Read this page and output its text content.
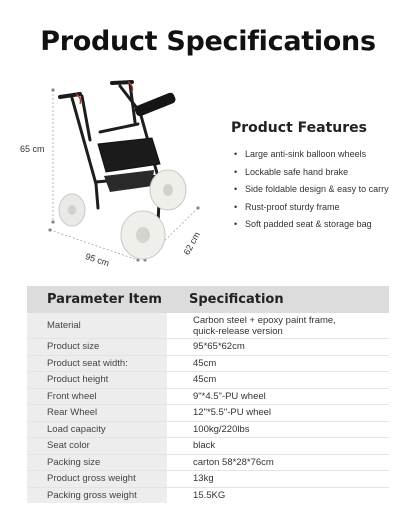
Product Specifications
65 cm
95 cm
62 cm
Product Features
• Large anti-sink balloon wheels
• Lockable safe hand brake
• Side foldable design & easy to carry
• Rust-proof sturdy frame
• Soft padded seat & storage bag
Parameter Item	Specification
Material	Carbon steel + epoxy paint frame,
quick-release version
Product size	95*65*62cm
Product seat width:	45cm
Product height	45cm
Front wheel	9"*4.5"-PU wheel
Rear Wheel	12"*5.5"-PU wheel
Load capacity	100kg/220lbs
Seat color	black
Packing size	carton 58*28*76cm
Product gross weight	13kg
Packing gross weight	15.5KG
